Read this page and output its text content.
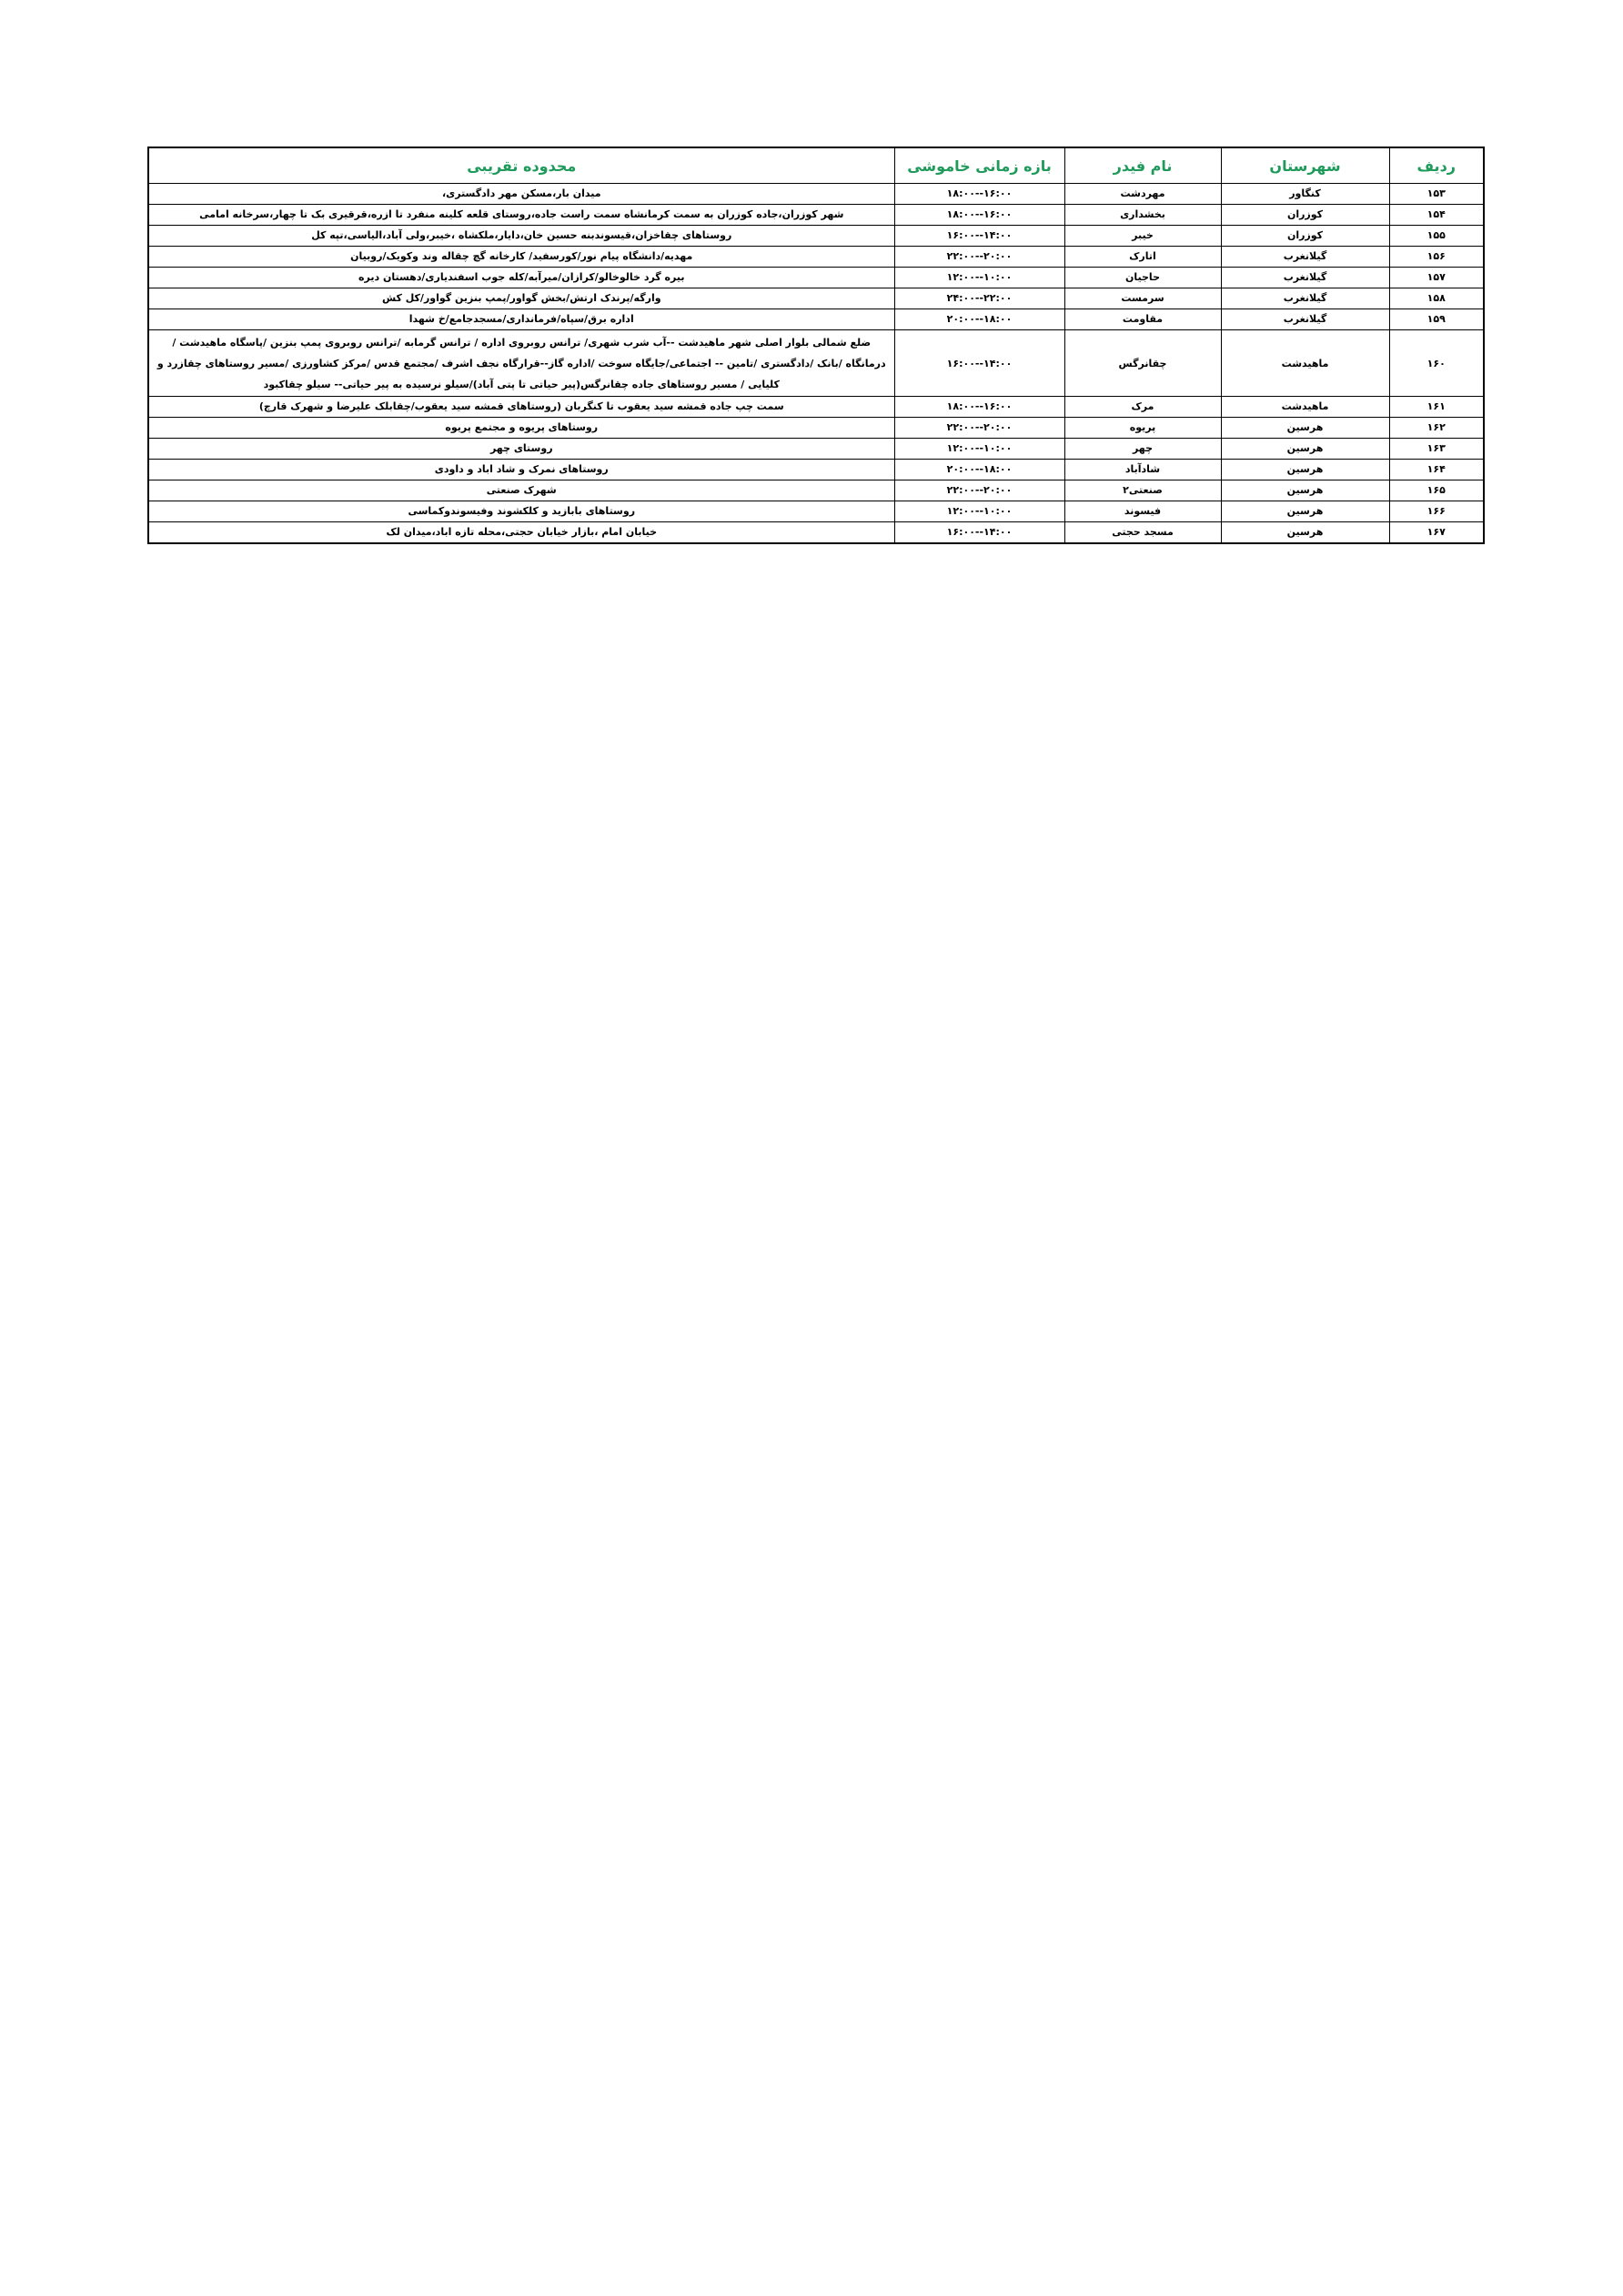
ردیف	شهرستان	نام فیدر	بازه زمانی خاموشی	محدوده تقریبی
۱۵۳	کنگاور	مهردشت	۱۸:۰۰--۱۶:۰۰	میدان بار،مسکن مهر دادگستری،
۱۵۴	کوزران	بخشداری	۱۸:۰۰--۱۶:۰۰	شهر کوزران،جاده کوزران به سمت کرمانشاه سمت راست جاده،روستای قلعه کلینه منفرد تا ازره،قرقیری بک تا چهار،سرخانه امامی
۱۵۵	کوزران	خیبر	۱۶:۰۰--۱۴:۰۰	روستاهای چقاخزان،قیسوندبنه حسین خان،دایار،ملکشاه ،خیبر،ولی آباد،الیاسی،تپه کل
۱۵۶	گیلانغرب	اتارک	۲۲:۰۰--۲۰:۰۰	مهدیه/دانشگاه پیام نور/کورسفید/ کارخانه گچ چقاله وند وکویک/روبیان
۱۵۷	گیلانغرب	حاجیان	۱۲:۰۰--۱۰:۰۰	بیره گرد خالوخالو/کرازان/میرآبه/کله جوب اسفندیاری/دهستان دیره
۱۵۸	گیلانغرب	سرمست	۲۴:۰۰--۲۲:۰۰	وارگه/پرندک ارتش/بخش گواور/پمپ بنزین گواور/کل کش
۱۵۹	گیلانغرب	مقاومت	۲۰:۰۰--۱۸:۰۰	اداره برق/سپاه/فرمانداری/مسجدجامع/خ شهدا
۱۶۰	ماهیدشت	چقانرگس	۱۶:۰۰--۱۴:۰۰	ضلع شمالی بلوار اصلی شهر ماهیدشت --آب شرب شهری/ ترانس روبروی اداره / ترانس گرمابه /ترانس روبروی پمپ بنزین /پاسگاه ماهیدشت / درمانگاه /بانک /دادگستری /تامین -- اجتماعی/جایگاه سوخت /اداره گاز--قرارگاه نجف اشرف /مجتمع قدس /مرکز کشاورزی /مسیر روستاهای چقازرد و کلیایی / مسیر روستاهای جاده چقانرگس(پیر حیاتی تا پتی آباد)/سیلو نرسیده به پیر حیاتی-- سیلو چقاکبود
۱۶۱	ماهیدشت	مرک	۱۸:۰۰--۱۶:۰۰	سمت چپ جاده قمشه سید یعقوب تا کنگربان (روستاهای قمشه سید یعقوب/چقابلک علیرضا و شهرک قارچ)
۱۶۲	هرسین	پریوه	۲۲:۰۰--۲۰:۰۰	روستاهای پریوه و مجتمع پریوه
۱۶۳	هرسین	چهر	۱۲:۰۰--۱۰:۰۰	روستای چهر
۱۶۴	هرسین	شادآباد	۲۰:۰۰--۱۸:۰۰	روستاهای نمرک و شاد اباد و داودی
۱۶۵	هرسین	صنعتی۲	۲۲:۰۰--۲۰:۰۰	شهرک صنعتی
۱۶۶	هرسین	فیسوند	۱۲:۰۰--۱۰:۰۰	روستاهای بابازید و کلکشوند وفیسوندوکماسی
۱۶۷	هرسین	مسجد حجتی	۱۶:۰۰--۱۴:۰۰	خیابان امام ،بازار خیابان حجتی،محله تازه اباد،میدان لک
